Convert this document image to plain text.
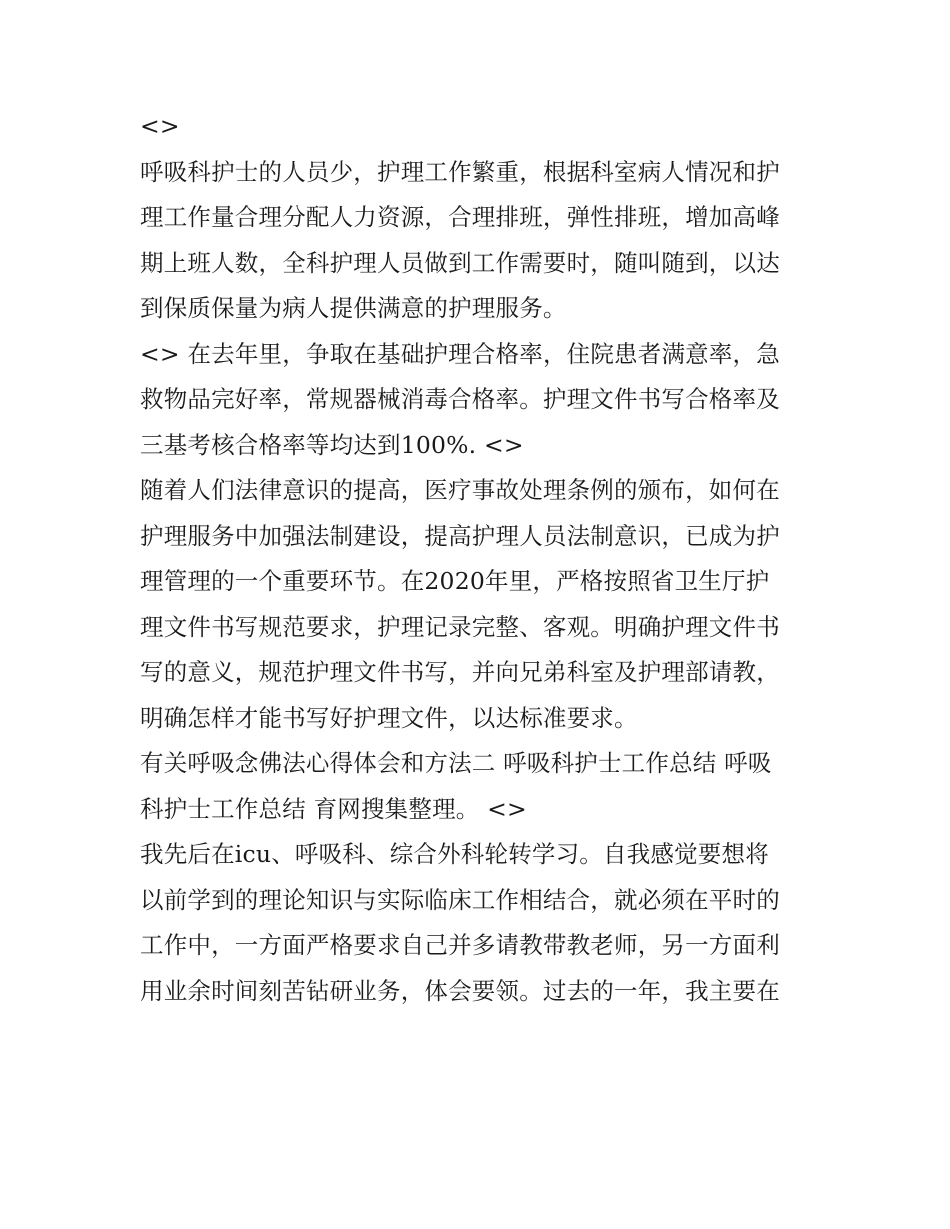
<>
呼吸科护士的人员少，护理工作繁重，根据科室病人情况和护
理工作量合理分配人力资源，合理排班，弹性排班，增加高峰
期上班人数，全科护理人员做到工作需要时，随叫随到，以达
到保质保量为病人提供满意的护理服务。
<> 在去年里，争取在基础护理合格率，住院患者满意率，急
救物品完好率，常规器械消毒合格率。护理文件书写合格率及
三基考核合格率等均达到100%. <>
随着人们法律意识的提高，医疗事故处理条例的颁布，如何在
护理服务中加强法制建设，提高护理人员法制意识，已成为护
理管理的一个重要环节。在2020年里，严格按照省卫生厅护
理文件书写规范要求，护理记录完整、客观。明确护理文件书
写的意义，规范护理文件书写，并向兄弟科室及护理部请教，
明确怎样才能书写好护理文件，以达标准要求。
有关呼吸念佛法心得体会和方法二 呼吸科护士工作总结 呼吸
科护士工作总结 育网搜集整理。 <>
我先后在icu、呼吸科、综合外科轮转学习。自我感觉要想将
以前学到的理论知识与实际临床工作相结合，就必须在平时的
工作中，一方面严格要求自己并多请教带教老师，另一方面利
用业余时间刻苦钻研业务，体会要领。过去的一年，我主要在
